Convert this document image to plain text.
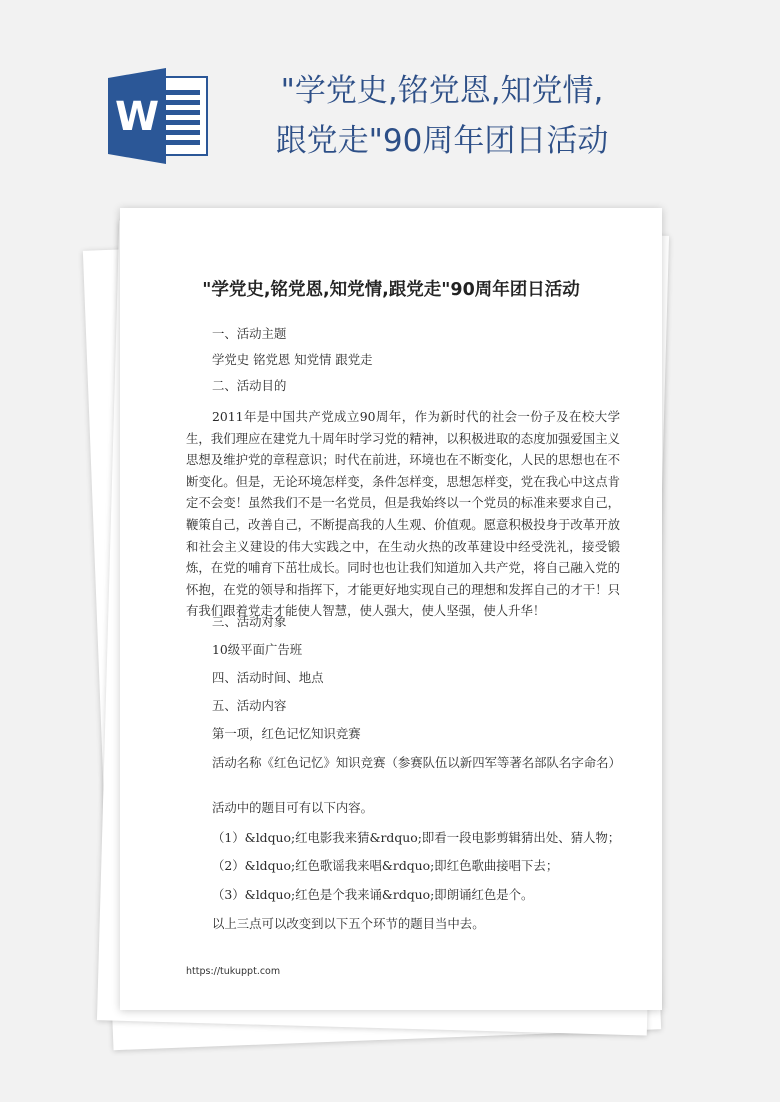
W
"学党史,铭党恩,知党情,
跟党走"90周年团日活动
"学党史,铭党恩,知党情,跟党走"90周年团日活动

一、活动主题

学党史 铭党恩 知党情 跟党走

二、活动目的

2011年是中国共产党成立90周年，作为新时代的社会一份子及在校大学生，我们理应在建党九十周年时学习党的精神，以积极进取的态度加强爱国主义思想及维护党的章程意识；时代在前进，环境也在不断变化，人民的思想也在不断变化。但是，无论环境怎样变，条件怎样变，思想怎样变，党在我心中这点肯定不会变！虽然我们不是一名党员，但是我始终以一个党员的标准来要求自己，鞭策自己，改善自己，不断提高我的人生观、价值观。愿意积极投身于改革开放和社会主义建设的伟大实践之中，在生动火热的改革建设中经受洗礼，接受锻炼，在党的哺育下茁壮成长。同时也也让我们知道加入共产党，将自己融入党的怀抱，在党的领导和指挥下，才能更好地实现自己的理想和发挥自己的才干！只有我们跟着党走才能使人智慧，使人强大，使人坚强，使人升华！

三、活动对象

10级平面广告班

四、活动时间、地点

五、活动内容

第一项，红色记忆知识竞赛

活动名称《红色记忆》知识竞赛（参赛队伍以新四军等著名部队名字命名）

活动中的题目可有以下内容。

（1）&ldquo;红电影我来猜&rdquo;即看一段电影剪辑猜出处、猜人物；

（2）&ldquo;红色歌谣我来唱&rdquo;即红色歌曲接唱下去；

（3）&ldquo;红色是个我来诵&rdquo;即朗诵红色是个。

以上三点可以改变到以下五个环节的题目当中去。

https://tukuppt.com
